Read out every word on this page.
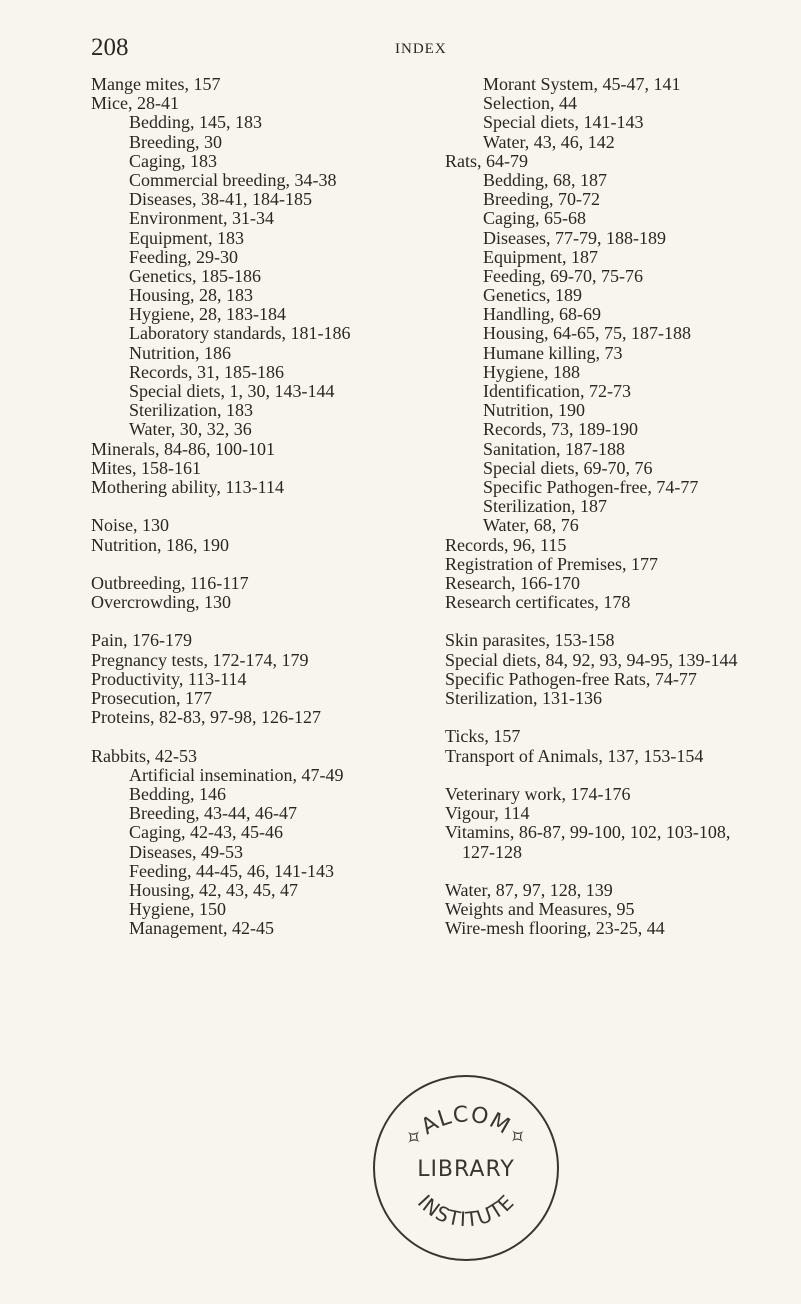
208	INDEX
Mange mites, 157
Mice, 28-41
Bedding, 145, 183
Breeding, 30
Caging, 183
Commercial breeding, 34-38
Diseases, 38-41, 184-185
Environment, 31-34
Equipment, 183
Feeding, 29-30
Genetics, 185-186
Housing, 28, 183
Hygiene, 28, 183-184
Laboratory standards, 181-186
Nutrition, 186
Records, 31, 185-186
Special diets, 1, 30, 143-144
Sterilization, 183
Water, 30, 32, 36
Minerals, 84-86, 100-101
Mites, 158-161
Mothering ability, 113-114
Noise, 130
Nutrition, 186, 190
Outbreeding, 116-117
Overcrowding, 130
Pain, 176-179
Pregnancy tests, 172-174, 179
Productivity, 113-114
Prosecution, 177
Proteins, 82-83, 97-98, 126-127
Rabbits, 42-53
Artificial insemination, 47-49
Bedding, 146
Breeding, 43-44, 46-47
Caging, 42-43, 45-46
Diseases, 49-53
Feeding, 44-45, 46, 141-143
Housing, 42, 43, 45, 47
Hygiene, 150
Management, 42-45
Morant System, 45-47, 141
Selection, 44
Special diets, 141-143
Water, 43, 46, 142
Rats, 64-79
Bedding, 68, 187
Breeding, 70-72
Caging, 65-68
Diseases, 77-79, 188-189
Equipment, 187
Feeding, 69-70, 75-76
Genetics, 189
Handling, 68-69
Housing, 64-65, 75, 187-188
Humane killing, 73
Hygiene, 188
Identification, 72-73
Nutrition, 190
Records, 73, 189-190
Sanitation, 187-188
Special diets, 69-70, 76
Specific Pathogen-free, 74-77
Sterilization, 187
Water, 68, 76
Records, 96, 115
Registration of Premises, 177
Research, 166-170
Research certificates, 178
Skin parasites, 153-158
Special diets, 84, 92, 93, 94-95, 139-144
Specific Pathogen-free Rats, 74-77
Sterilization, 131-136
Ticks, 157
Transport of Animals, 137, 153-154
Veterinary work, 174-176
Vigour, 114
Vitamins, 86-87, 99-100, 102, 103-108,
127-128
Water, 87, 97, 128, 139
Weights and Measures, 95
Wire-mesh flooring, 23-25, 44
✧ALCOM✧
LIBRARY
INSTITUTE
